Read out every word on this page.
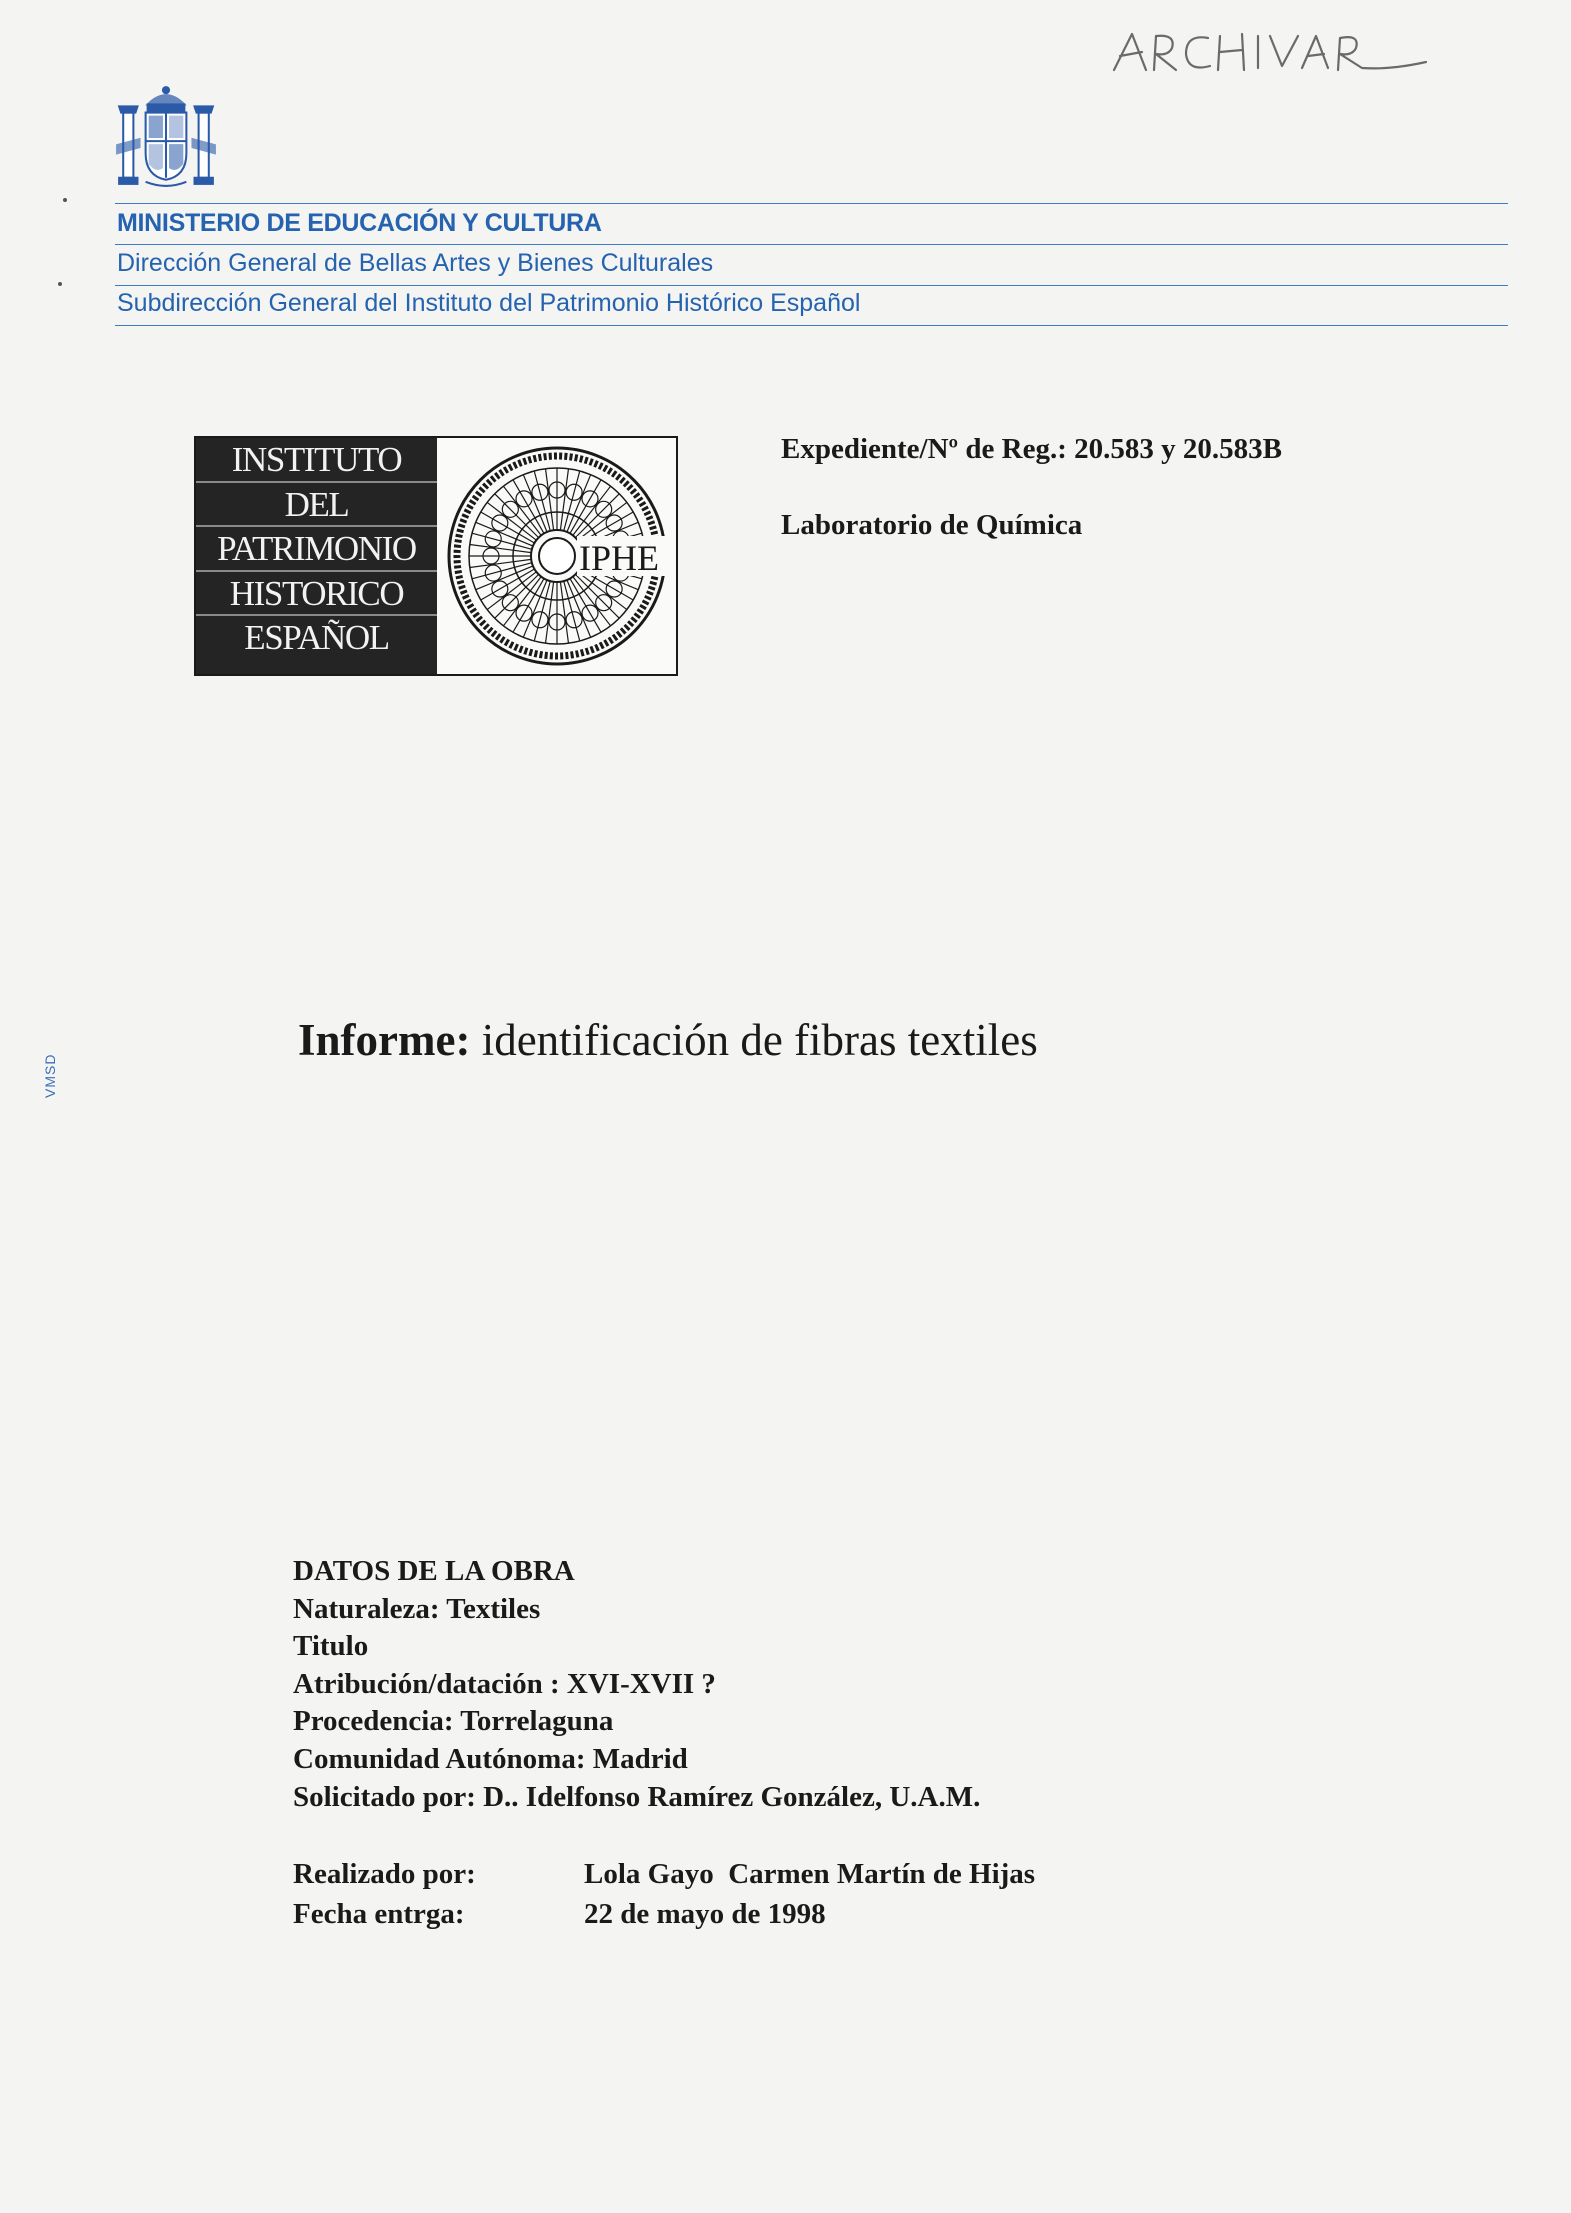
MINISTERIO DE EDUCACIÓN Y CULTURA
Dirección General de Bellas Artes y Bienes Culturales
Subdirección General del Instituto del Patrimonio Histórico Español
INSTITUTO
DEL
PATRIMONIO
HISTORICO
ESPAÑOL
IPHE
Expediente/Nº de Reg.: 20.583 y 20.583B
Laboratorio de Química
VMSD
Informe: identificación de fibras textiles
DATOS DE LA OBRA
Naturaleza: Textiles
Titulo
Atribución/datación : XVI-XVII ?
Procedencia: Torrelaguna
Comunidad Autónoma: Madrid
Solicitado por: D.. Idelfonso Ramírez González, U.A.M.
Realizado por:	Lola Gayo  Carmen Martín de Hijas
Fecha entrga:	22 de mayo de 1998
